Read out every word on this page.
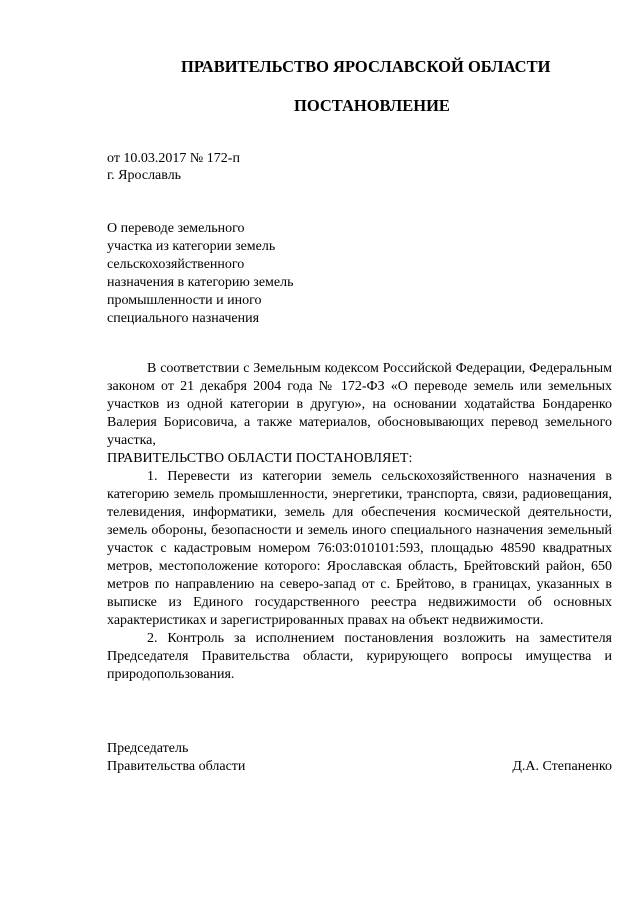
ПРАВИТЕЛЬСТВО ЯРОСЛАВСКОЙ ОБЛАСТИ
ПОСТАНОВЛЕНИЕ
от 10.03.2017 № 172-п
г. Ярославль
О переводе земельного
участка из категории земель
сельскохозяйственного
назначения в категорию земель
промышленности и иного
специального назначения

В соответствии с Земельным кодексом Российской Федерации, Федеральным законом от 21 декабря 2004 года № 172-ФЗ «О переводе земель или земельных участков из одной категории в другую», на основании ходатайства Бондаренко Валерия Борисовича, а также материалов, обосновывающих перевод земельного участка,

ПРАВИТЕЛЬСТВО ОБЛАСТИ ПОСТАНОВЛЯЕТ:

1. Перевести из категории земель сельскохозяйственного назначения в категорию земель промышленности, энергетики, транспорта, связи, радиовещания, телевидения, информатики, земель для обеспечения космической деятельности, земель обороны, безопасности и земель иного специального назначения земельный участок с кадастровым номером 76:03:010101:593, площадью 48590 квадратных метров, местоположение которого: Ярославская область, Брейтовский район, 650 метров по направлению на северо-запад от с. Брейтово, в границах, указанных в выписке из Единого государственного реестра недвижимости об основных характеристиках и зарегистрированных правах на объект недвижимости.

2. Контроль за исполнением постановления возложить на заместителя Председателя Правительства области, курирующего вопросы имущества и природопользования.

Председатель
Правительства области	Д.А. Степаненко
